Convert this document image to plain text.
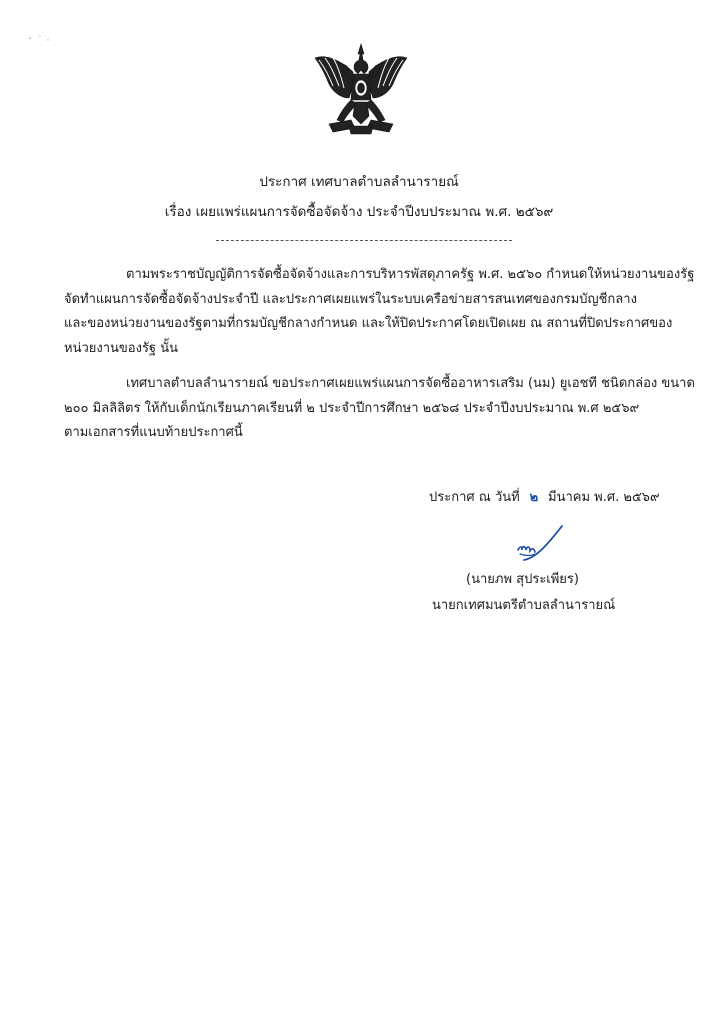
ประกาศ เทศบาลตำบลลำนารายณ์
เรื่อง เผยแพร่แผนการจัดซื้อจัดจ้าง ประจำปีงบประมาณ พ.ศ. ๒๕๖๙
ตามพระราชบัญญัติการจัดซื้อจัดจ้างและการบริหารพัสดุภาครัฐ พ.ศ. ๒๕๖๐ กำหนดให้หน่วยงานของรัฐ
จัดทำแผนการจัดซื้อจัดจ้างประจำปี และประกาศเผยแพร่ในระบบเครือข่ายสารสนเทศของกรมบัญชีกลาง
และของหน่วยงานของรัฐตามที่กรมบัญชีกลางกำหนด และให้ปิดประกาศโดยเปิดเผย ณ สถานที่ปิดประกาศของ
หน่วยงานของรัฐ นั้น
เทศบาลตำบลลำนารายณ์ ขอประกาศเผยแพร่แผนการจัดซื้ออาหารเสริม (นม) ยูเอชที ชนิดกล่อง ขนาด
๒๐๐ มิลลิลิตร ให้กับเด็กนักเรียนภาคเรียนที่ ๒ ประจำปีการศึกษา ๒๕๖๘ ประจำปีงบประมาณ พ.ศ ๒๕๖๙
ตามเอกสารที่แนบท้ายประกาศนี้
ประกาศ ณ วันที่ ๒ มีนาคม พ.ศ. ๒๕๖๙
(นายภพ สุประเพียร)
นายกเทศมนตรีตำบลลำนารายณ์
